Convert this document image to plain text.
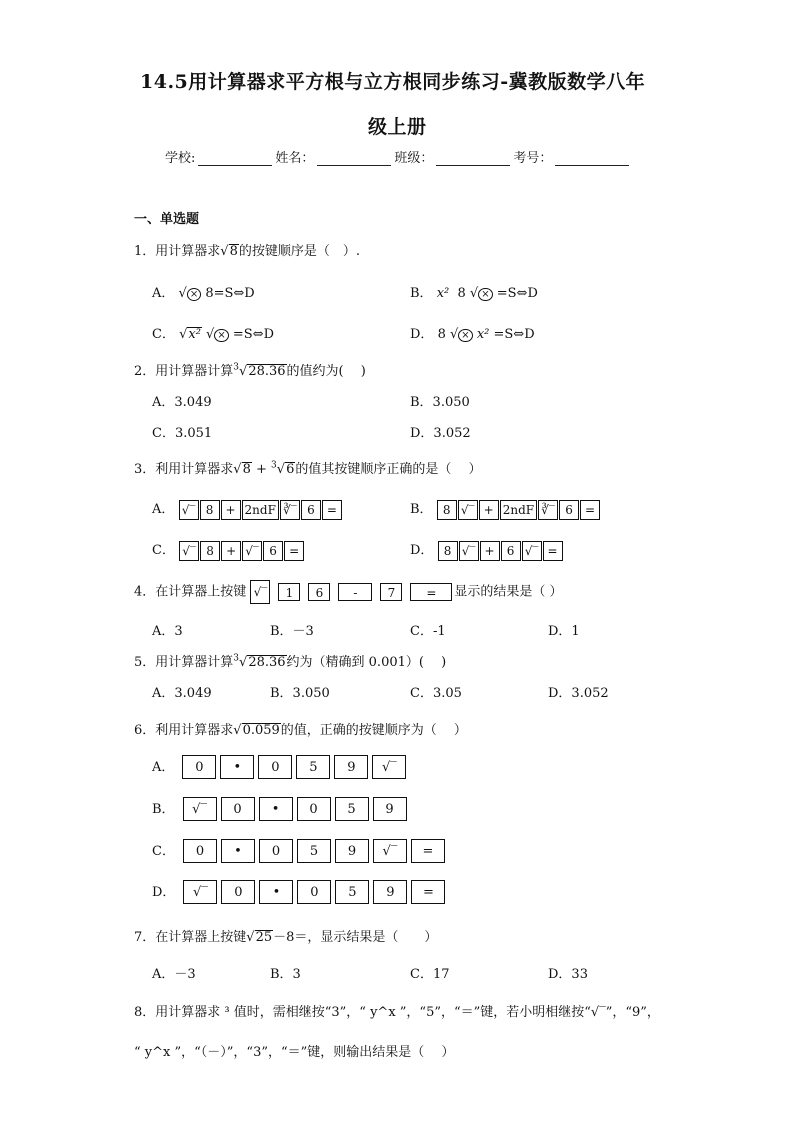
14.5用计算器求平方根与立方根同步练习-冀教版数学八年
级上册
学校:	姓名：	班级：	考号：
一、单选题
1．用计算器求√8的按键顺序是（　）.
A． √ × 8=S⇔D	B． x² 8 √ × =S⇔D
C． √x² √ × =S⇔D	D． 8 √ × x² =S⇔D
2．用计算器计算$^3$√28.36的值约为(　 )
A．3.049	B．3.050
C．3.051	D．3.052
3．利用计算器求√8 + $^3$√6的值其按键顺序正确的是（　 ）
A． √‾ 8 + 2ndF ∛‾ 6 =	B． 8 √‾ + 2ndF ∛‾ 6 =
C． √‾ 8 + √‾ 6 =	D． 8 √‾ + 6 √‾ =
4．在计算器上按键 √‾ 1 6	-	7	= 显示的结果是（ ）
A．3	B．－3	C．-1	D．1
5．用计算器计算$^3$√28.36约为（精确到 0.001）(　 )
A．3.049	B．3.050	C．3.05	D．3.052
6．利用计算器求√0.059的值，正确的按键顺序为（　 ）
A． 0 • 0 5 9 √‾
B． √‾ 0 • 0 5 9
C． 0 • 0 5 9 √‾ =
D． √‾ 0 • 0 5 9 =
7．在计算器上按键√25－8＝，显示结果是（　　）
A．－3	B．3	C．17	D．33
8．用计算器求 ³ 值时，需相继按“3”，“ y^x ”，“5”，“＝”键，若小明相继按“√‾”，“9”，
“ y^x ”，“（－）”，“3”，“＝”键，则输出结果是（　 ）
